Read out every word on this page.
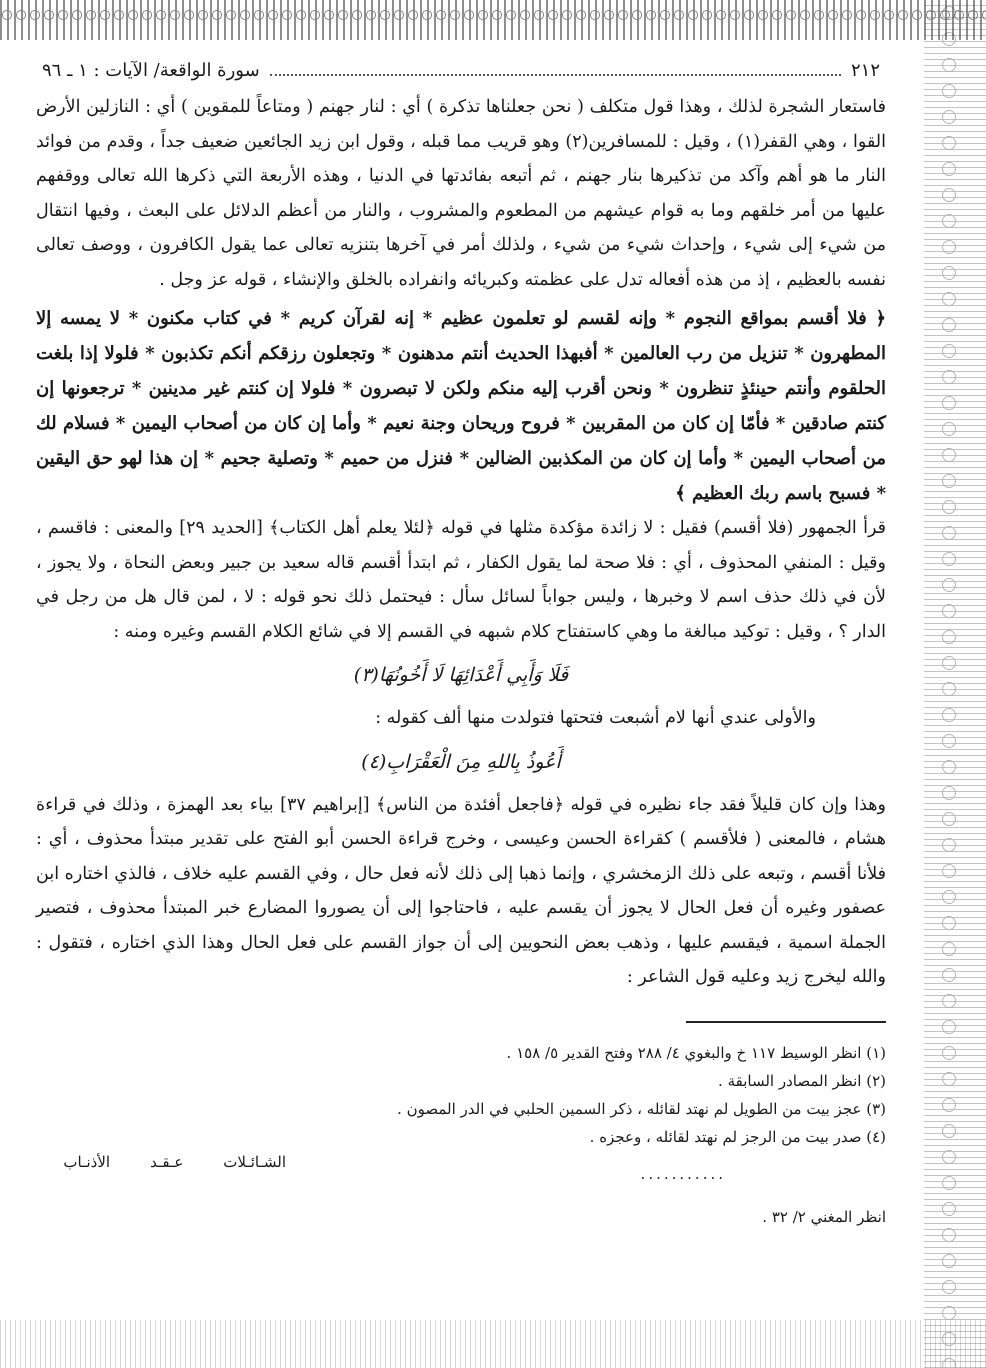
٢١٢
سورة الواقعة/ الآيات : ١ ـ ٩٦

فاستعار الشجرة لذلك ، وهذا قول متكلف ( نحن جعلناها تذكرة ) أي : لنار جهنم ( ومتاعاً للمقوين ) أي : النازلين الأرض القوا ، وهي القفر(١) ، وقيل : للمسافرين(٢) وهو قريب مما قبله ، وقول ابن زيد الجائعين ضعيف جداً ، وقدم من فوائد النار ما هو أهم وآكد من تذكيرها بنار جهنم ، ثم أتبعه بفائدتها في الدنيا ، وهذه الأربعة التي ذكرها الله تعالى ووقفهم عليها من أمر خلقهم وما به قوام عيشهم من المطعوم والمشروب ، والنار من أعظم الدلائل على البعث ، وفيها انتقال من شيء إلى شيء ، وإحداث شيء من شيء ، ولذلك أمر في آخرها بتنزيه تعالى عما يقول الكافرون ، ووصف تعالى نفسه بالعظيم ، إذ من هذه أفعاله تدل على عظمته وكبريائه وانفراده بالخلق والإنشاء ، قوله عز وجل .

﴿ فلا أقسم بمواقع النجوم * وإنه لقسم لو تعلمون عظيم * إنه لقرآن كريم * في كتاب مكنون * لا يمسه إلا المطهرون * تنزيل من رب العالمين * أفبهذا الحديث أنتم مدهنون * وتجعلون رزقكم أنكم تكذبون * فلولا إذا بلغت الحلقوم وأنتم حينئذٍ تنظرون * ونحن أقرب إليه منكم ولكن لا تبصرون * فلولا إن كنتم غير مدينين * ترجعونها إن كنتم صادقين * فأمّا إن كان من المقربين * فروح وريحان وجنة نعيم * وأما إن كان من أصحاب اليمين * فسلام لك من أصحاب اليمين * وأما إن كان من المكذبين الضالين * فنزل من حميم * وتصلية جحيم * إن هذا لهو حق اليقين * فسبح باسم ربك العظيم ﴾

قرأ الجمهور (فلا أقسم) فقيل : لا زائدة مؤكدة مثلها في قوله ﴿لئلا يعلم أهل الكتاب﴾ [الحديد ٢٩] والمعنى : فاقسم ، وقيل : المنفي المحذوف ، أي : فلا صحة لما يقول الكفار ، ثم ابتدأ أقسم قاله سعيد بن جبير وبعض النحاة ، ولا يجوز ، لأن في ذلك حذف اسم لا وخبرها ، وليس جواباً لسائل سأل : فيحتمل ذلك نحو قوله : لا ، لمن قال هل من رجل في الدار ؟ ، وقيل : توكيد مبالغة ما وهي كاستفتاح كلام شبهه في القسم إلا في شائع الكلام القسم وغيره ومنه :

فَلَا وَأَبِي أَعْدَائِهَا لَا أَخُونُهَا(٣)

والأولى عندي أنها لام أشبعت فتحتها فتولدت منها ألف كقوله :

أَعُوذُ بِاللهِ مِنَ الْعَقْرَابِ(٤)

وهذا وإن كان قليلاً فقد جاء نظيره في قوله ﴿فاجعل أفئدة من الناس﴾ [إبراهيم ٣٧] بياء بعد الهمزة ، وذلك في قراءة هشام ، فالمعنى ( فلأقسم ) كقراءة الحسن وعيسى ، وخرج قراءة الحسن أبو الفتح على تقدير مبتدأ محذوف ، أي : فلأنا أقسم ، وتبعه على ذلك الزمخشري ، وإنما ذهبا إلى ذلك لأنه فعل حال ، وفي القسم عليه خلاف ، فالذي اختاره ابن عصفور وغيره أن فعل الحال لا يجوز أن يقسم عليه ، فاحتاجوا إلى أن يصوروا المضارع خبر المبتدأ محذوف ، فتصير الجملة اسمية ، فيقسم عليها ، وذهب بعض النحويين إلى أن جواز القسم على فعل الحال وهذا الذي اختاره ، فتقول : والله ليخرج زيد وعليه قول الشاعر :

(١) انظر الوسيط ١١٧ خ والبغوي ٤/ ٢٨٨ وفتح القدير ٥/ ١٥٨ .

(٢) انظر المصادر السابقة .

(٣) عجز بيت من الطويل لم نهتد لقائله ، ذكر السمين الحلبي في الدر المصون .

(٤) صدر بيت من الرجز لم نهتد لقائله ، وعجزه .

الشـائـلات
عـقـد
الأذنـاب
...........

انظر المغني ٢/ ٣٢ .
